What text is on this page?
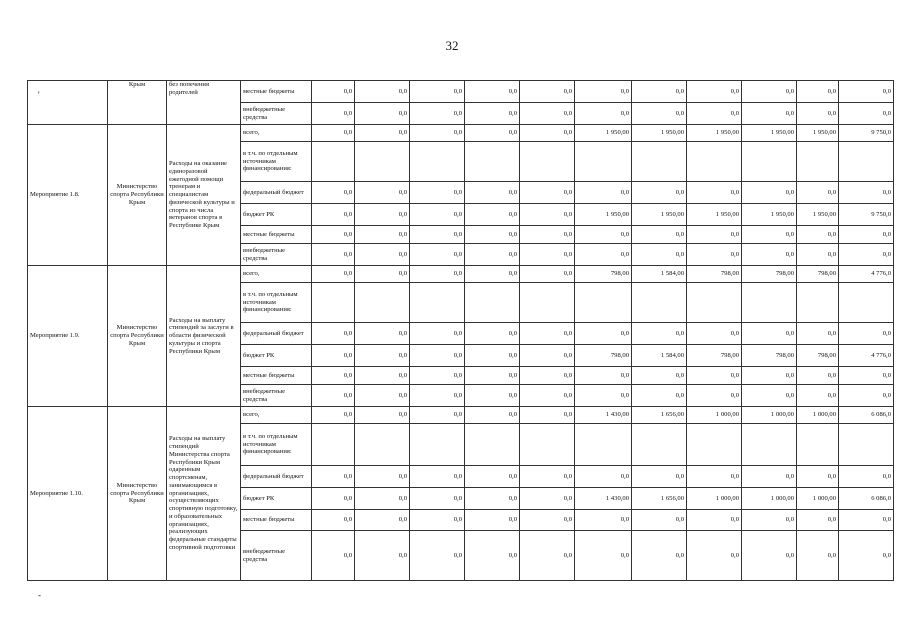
32
'
-
	Крым	без попечения родителей	местные бюджеты	0,0	0,0	0,0	0,0	0,0	0,0	0,0	0,0	0,0	0,0	0,0
			внебюджетные средства	0,0	0,0	0,0	0,0	0,0	0,0	0,0	0,0	0,0	0,0	0,0
Мероприятие 1.8.	Министерство спорта Республики Крым	Расходы на оказание единоразовой ежегодной помощи тренерам и специалистам физической культуры и спорта из числа ветеранов спорта в Республике Крым	всего,	0,0	0,0	0,0	0,0	0,0	1 950,00	1 950,00	1 950,00	1 950,00	1 950,00	9 750,0
			в т.ч. по отдельным источникам финансирования:											
			федеральный бюджет	0,0	0,0	0,0	0,0	0,0	0,0	0,0	0,0	0,0	0,0	0,0
			бюджет РК	0,0	0,0	0,0	0,0	0,0	1 950,00	1 950,00	1 950,00	1 950,00	1 950,00	9 750,0
			местные бюджеты	0,0	0,0	0,0	0,0	0,0	0,0	0,0	0,0	0,0	0,0	0,0
			внебюджетные средства	0,0	0,0	0,0	0,0	0,0	0,0	0,0	0,0	0,0	0,0	0,0
Мероприятие 1.9.	Министерство спорта Республики Крым	Расходы на выплату стипендий за заслуги в области физической культуры и спорта Республики Крым	всего,	0,0	0,0	0,0	0,0	0,0	798,00	1 584,00	798,00	798,00	798,00	4 776,0
			в т.ч. по отдельным источникам финансирования:											
			федеральный бюджет	0,0	0,0	0,0	0,0	0,0	0,0	0,0	0,0	0,0	0,0	0,0
			бюджет РК	0,0	0,0	0,0	0,0	0,0	798,00	1 584,00	798,00	798,00	798,00	4 776,0
			местные бюджеты	0,0	0,0	0,0	0,0	0,0	0,0	0,0	0,0	0,0	0,0	0,0
			внебюджетные средства	0,0	0,0	0,0	0,0	0,0	0,0	0,0	0,0	0,0	0,0	0,0
Мероприятие 1.10.	Министерство спорта Республики Крым	Расходы на выплату стипендий Министерства спорта Республики Крым одаренным спортсменам, занимающимся в организациях, осуществляющих спортивную подготовку, и образовательных организациях, реализующих федеральные стандарты спортивной подготовки	всего,	0,0	0,0	0,0	0,0	0,0	1 430,00	1 656,00	1 000,00	1 000,00	1 000,00	6 086,0
			в т.ч. по отдельным источникам финансирования:											
			федеральный бюджет	0,0	0,0	0,0	0,0	0,0	0,0	0,0	0,0	0,0	0,0	0,0
			бюджет РК	0,0	0,0	0,0	0,0	0,0	1 430,00	1 656,00	1 000,00	1 000,00	1 000,00	6 086,0
			местные бюджеты	0,0	0,0	0,0	0,0	0,0	0,0	0,0	0,0	0,0	0,0	0,0
			внебюджетные средства	0,0	0,0	0,0	0,0	0,0	0,0	0,0	0,0	0,0	0,0	0,0
